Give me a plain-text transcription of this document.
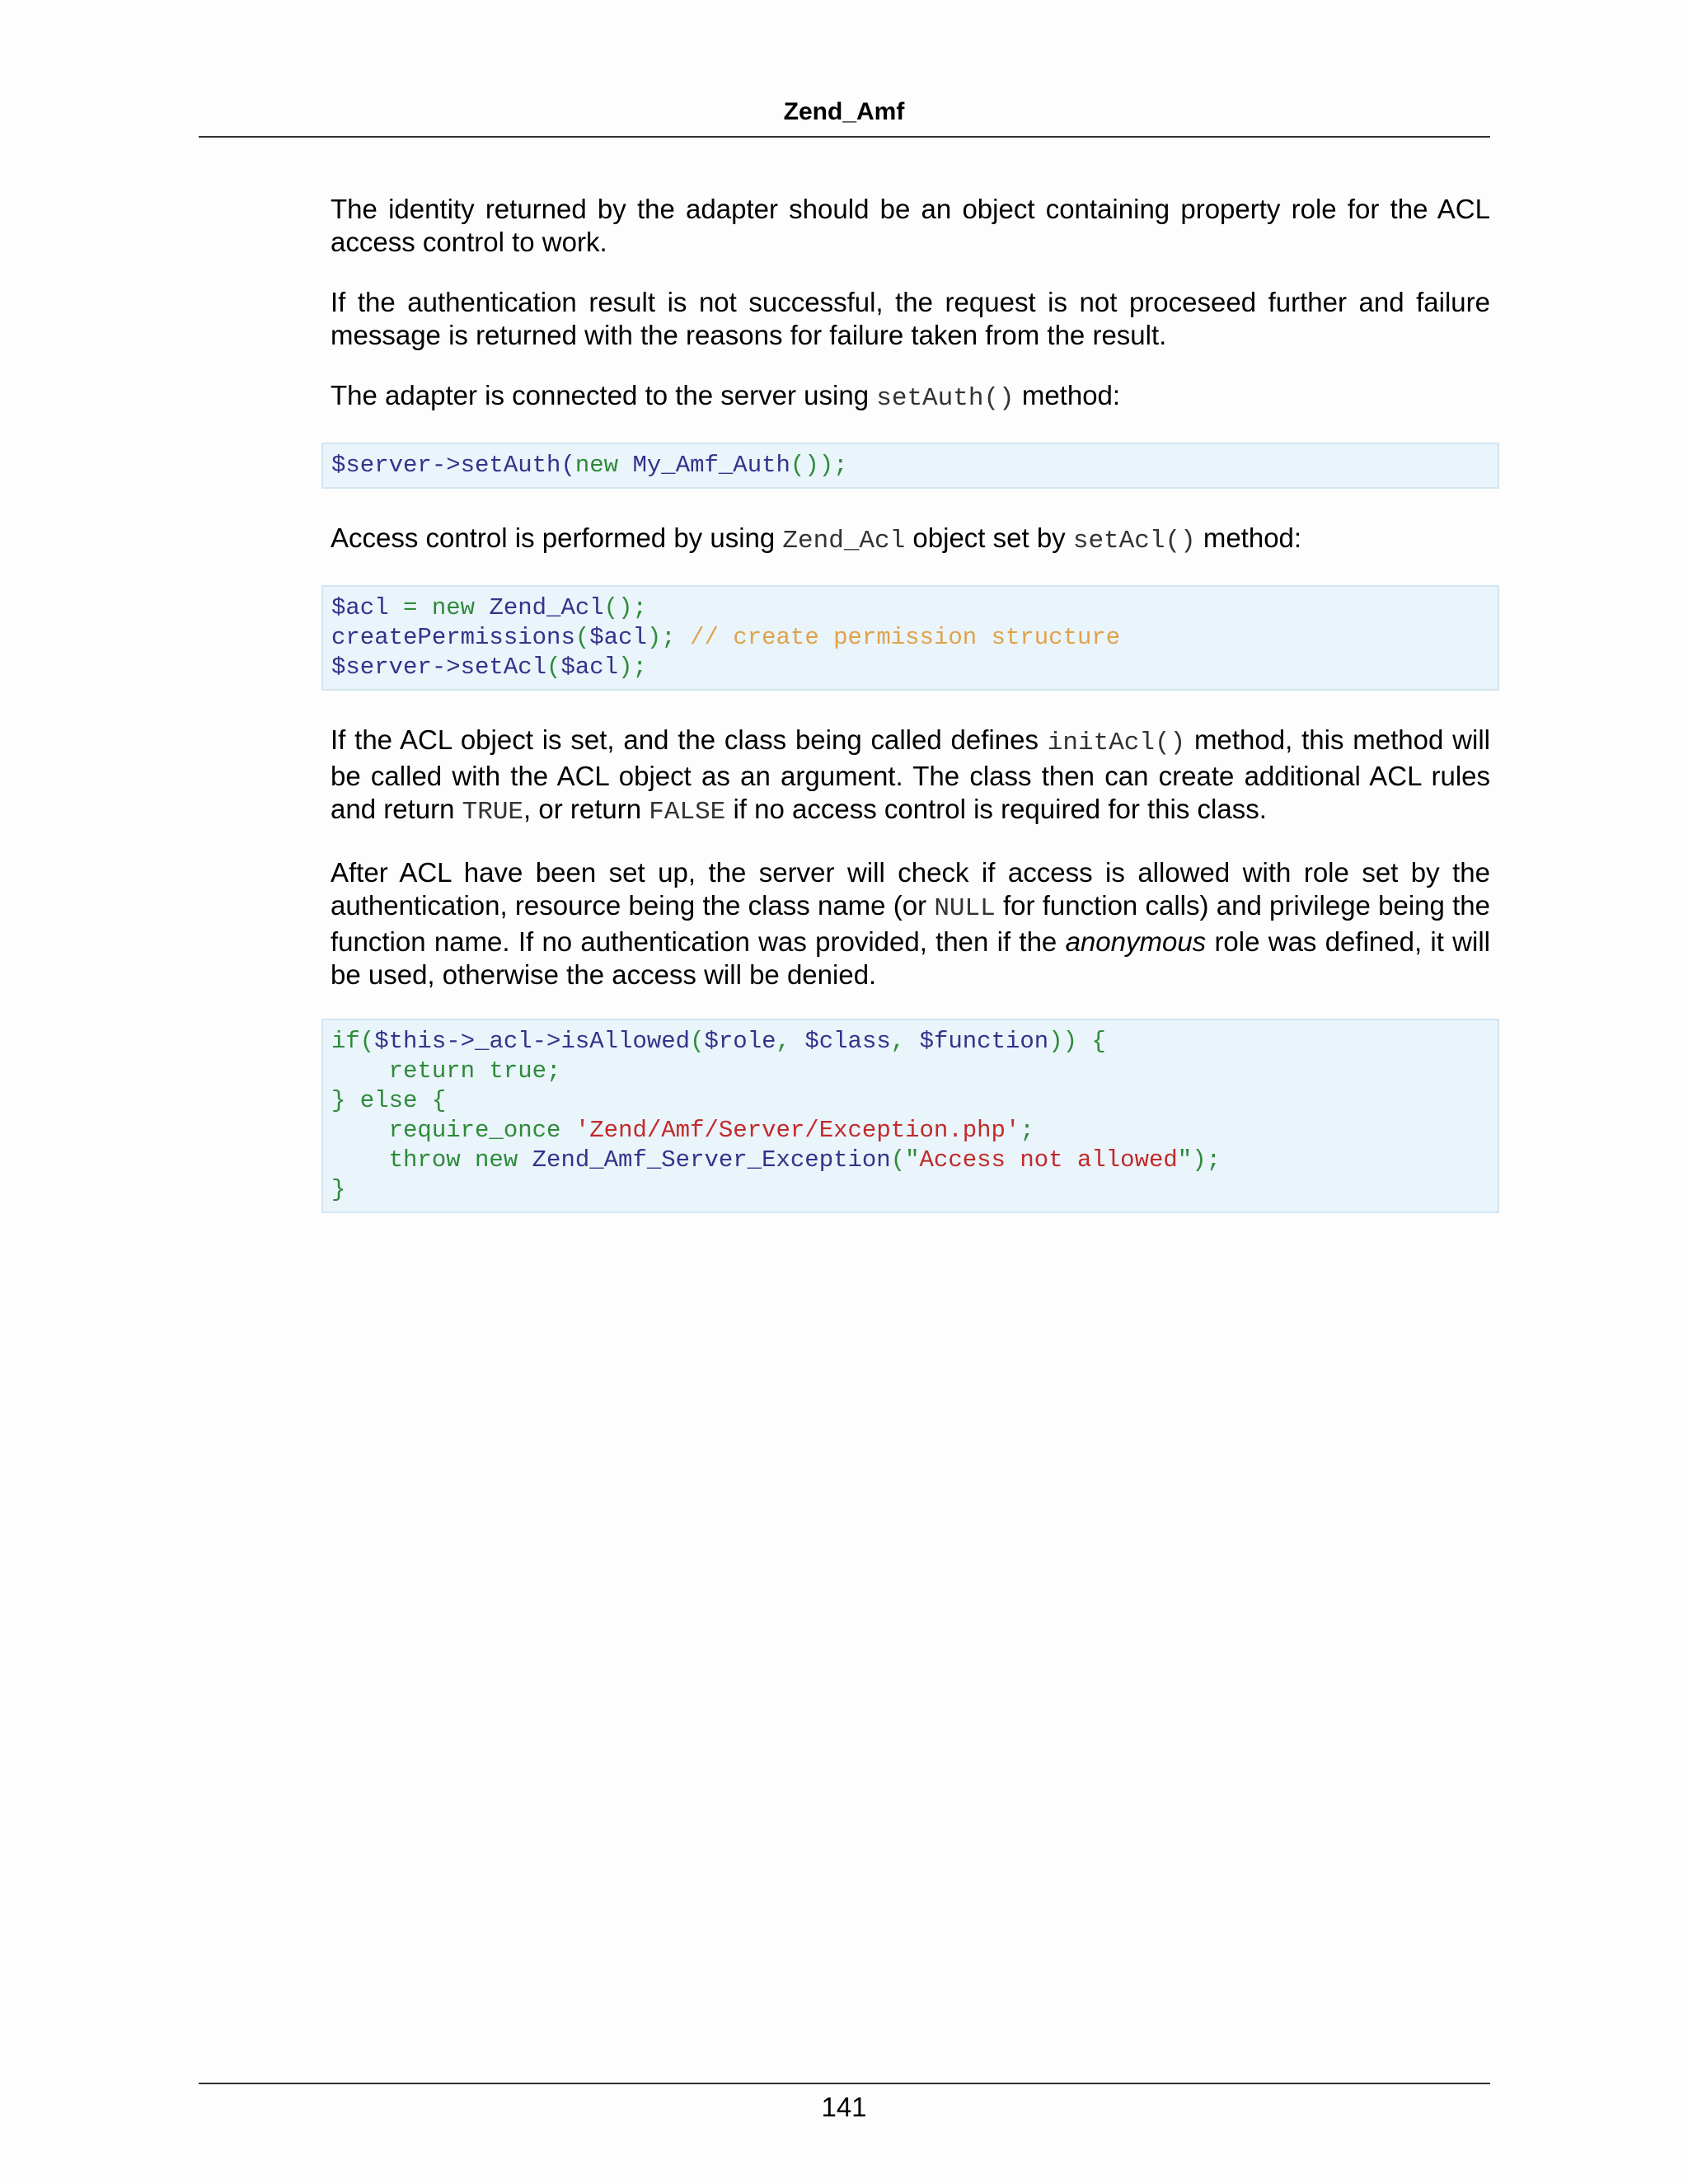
Zend_Amf

The identity returned by the adapter should be an object containing property role for the ACL access control to work.

If the authentication result is not successful, the request is not proceseed further and failure message is returned with the reasons for failure taken from the result.

The adapter is connected to the server using setAuth() method:

$server->setAuth(new My_Amf_Auth());

Access control is performed by using Zend_Acl object set by setAcl() method:

$acl = new Zend_Acl();
createPermissions($acl); // create permission structure
$server->setAcl($acl);

If the ACL object is set, and the class being called defines initAcl() method, this method will be called with the ACL object as an argument. The class then can create additional ACL rules and return TRUE, or return FALSE if no access control is required for this class.

After ACL have been set up, the server will check if access is allowed with role set by the authentication, resource being the class name (or NULL for function calls) and privilege being the function name. If no authentication was provided, then if the anonymous role was defined, it will be used, otherwise the access will be denied.

if($this->_acl->isAllowed($role, $class, $function)) {
return true;
} else {
require_once 'Zend/Amf/Server/Exception.php';
throw new Zend_Amf_Server_Exception("Access not allowed");
}
141
